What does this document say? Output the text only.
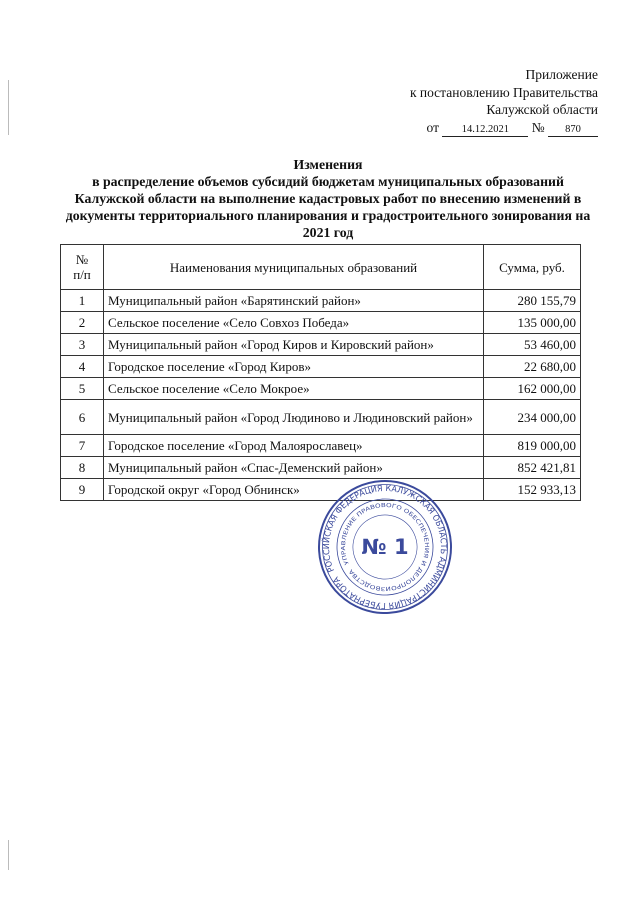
Приложение
к постановлению Правительства
Калужской области
от 14.12.2021 № 870
Изменения
в распределение объемов субсидий бюджетам муниципальных образований
Калужской области на выполнение кадастровых работ по внесению изменений в
документы территориального планирования и градостроительного зонирования на
2021 год
№
п/п	Наименования муниципальных образований	Сумма, руб.
1	Муниципальный район «Барятинский район»	280 155,79
2	Сельское поселение «Село Совхоз Победа»	135 000,00
3	Муниципальный район «Город Киров и Кировский район»	53 460,00
4	Городское поселение «Город Киров»	22 680,00
5	Сельское поселение «Село Мокрое»	162 000,00
6	Муниципальный район «Город Людиново и Людиновский район»	234 000,00
7	Городское поселение «Город Малоярославец»	819 000,00
8	Муниципальный район «Спас-Деменский район»	852 421,81
9	Городской округ «Город Обнинск»	152 933,13
РОССИЙСКАЯ ФЕДЕРАЦИЯ КАЛУЖСКАЯ ОБЛАСТЬ АДМИНИСТРАЦИЯ ГУБЕРНАТОРА
УПРАВЛЕНИЕ ПРАВОВОГО ОБЕСПЕЧЕНИЯ И ДЕЛОПРОИЗВОДСТВА
№ 1
